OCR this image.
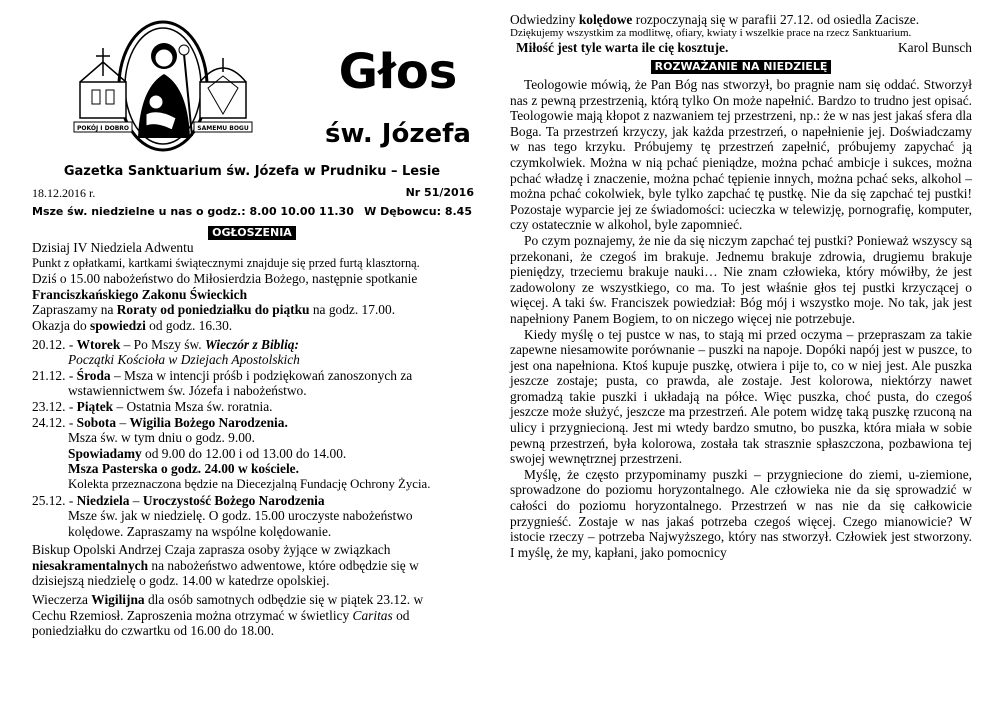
POKÓJ I DOBRO	SAMEMU BOGU
Głos
św. Józefa
Gazetka Sanktuarium św. Józefa w Prudniku – Lesie
18.12.2016 r.	Nr 51/2016
Msze św. niedzielne u nas o godz.: 8.00 10.00 11.30 W Dębowcu: 8.45
OGŁOSZENIA

Dzisiaj IV Niedziela Adwentu

Punkt z opłatkami, kartkami świątecznymi znajduje się przed furtą klasztorną.

Dziś o 15.00 nabożeństwo do Miłosierdzia Bożego, następnie spotkanie

Franciszkańskiego Zakonu Świeckich

Zapraszamy na Roraty od poniedziałku do piątku na godz. 17.00.

Okazja do spowiedzi od godz. 16.30.

20.12. - Wtorek – Po Mszy św. Wieczór z Biblią:

Początki Kościoła w Dziejach Apostolskich

21.12. - Środa – Msza w intencji próśb i podziękowań zanoszonych za

wstawiennictwem św. Józefa i nabożeństwo.

23.12. - Piątek – Ostatnia Msza św. roratnia.

24.12. - Sobota – Wigilia Bożego Narodzenia.

Msza św. w tym dniu o godz. 9.00.

Spowiadamy od 9.00 do 12.00 i od 13.00 do 14.00.

Msza Pasterska o godz. 24.00 w kościele.

Kolekta przeznaczona będzie na Diecezjalną Fundację Ochrony Życia.

25.12. - Niedziela – Uroczystość Bożego Narodzenia

Msze św. jak w niedzielę. O godz. 15.00 uroczyste nabożeństwo

kolędowe. Zapraszamy na wspólne kolędowanie.

Biskup Opolski Andrzej Czaja zaprasza osoby żyjące w związkach

niesakramentalnych na nabożeństwo adwentowe, które odbędzie się w

dzisiejszą niedzielę o godz. 14.00 w katedrze opolskiej.

Wieczerza Wigilijna dla osób samotnych odbędzie się w piątek 23.12. w

Cechu Rzemiosł. Zaproszenia można otrzymać w świetlicy Caritas od

poniedziałku do czwartku od 16.00 do 18.00.

Odwiedziny kolędowe rozpoczynają się w parafii 27.12. od osiedla Zacisze.

Dziękujemy wszystkim za modlitwę, ofiary, kwiaty i wszelkie prace na rzecz Sanktuarium.

Miłość jest tyle warta ile cię kosztuje.	Karol Bunsch

ROZWAŻANIE NA NIEDZIELĘ

Teologowie mówią, że Pan Bóg nas stworzył, bo pragnie nam się oddać. Stworzył nas z pewną przestrzenią, którą tylko On może napełnić. Bardzo to trudno jest opisać. Teologowie mają kłopot z nazwaniem tej przestrzeni, np.: że w nas jest jakaś sfera dla Boga. Ta przestrzeń krzyczy, jak każda przestrzeń, o napełnienie jej. Doświadczamy w nas tego krzyku. Próbujemy tę przestrzeń zapełnić, próbujemy zapychać ją czymkolwiek. Można w nią pchać pieniądze, można pchać ambicje i sukces, można pchać władzę i znaczenie, można pchać tępienie innych, można pchać seks, alkohol – można pchać cokolwiek, byle tylko zapchać tę pustkę. Nie da się zapchać tej pustki! Pozostaje wyparcie jej ze świadomości: ucieczka w telewizję, pornografię, komputer, czy ostatecznie w alkohol, byle zapomnieć.

Po czym poznajemy, że nie da się niczym zapchać tej pustki? Ponieważ wszyscy są przekonani, że czegoś im brakuje. Jednemu brakuje zdrowia, drugiemu brakuje pieniędzy, trzeciemu brakuje nauki… Nie znam człowieka, który mówiłby, że jest zadowolony ze wszystkiego, co ma. To jest właśnie głos tej pustki krzyczącej o więcej. A taki św. Franciszek powiedział: Bóg mój i wszystko moje. No tak, jak jest napełniony Panem Bogiem, to on niczego więcej nie potrzebuje.

Kiedy myślę o tej pustce w nas, to stają mi przed oczyma – przepraszam za takie zapewne niesamowite porównanie – puszki na napoje. Dopóki napój jest w puszce, to jest ona napełniona. Ktoś kupuje puszkę, otwiera i pije to, co w niej jest. Ale puszka jeszcze zostaje; pusta, co prawda, ale zostaje. Jest kolorowa, niektórzy nawet gromadzą takie puszki i układają na półce. Więc puszka, choć pusta, do czegoś jeszcze może służyć, jeszcze ma przestrzeń. Ale potem widzę taką puszkę rzuconą na ulicy i przygniecioną. Jest mi wtedy bardzo smutno, bo puszka, która miała w sobie pewną przestrzeń, była kolorowa, została tak strasznie spłaszczona, pozbawiona tej swojej wewnętrznej przestrzeni.

Myślę, że często przypominamy puszki – przygniecione do ziemi, u-ziemione, sprowadzone do poziomu horyzontalnego. Ale człowieka nie da się sprowadzić w całości do poziomu horyzontalnego. Przestrzeń w nas nie da się całkowicie przygnieść. Zostaje w nas jakaś potrzeba czegoś więcej. Czego mianowicie? W istocie rzeczy – potrzeba Najwyższego, który nas stworzył. Człowiek jest stworzony. I myślę, że my, kapłani, jako pomocnicy
